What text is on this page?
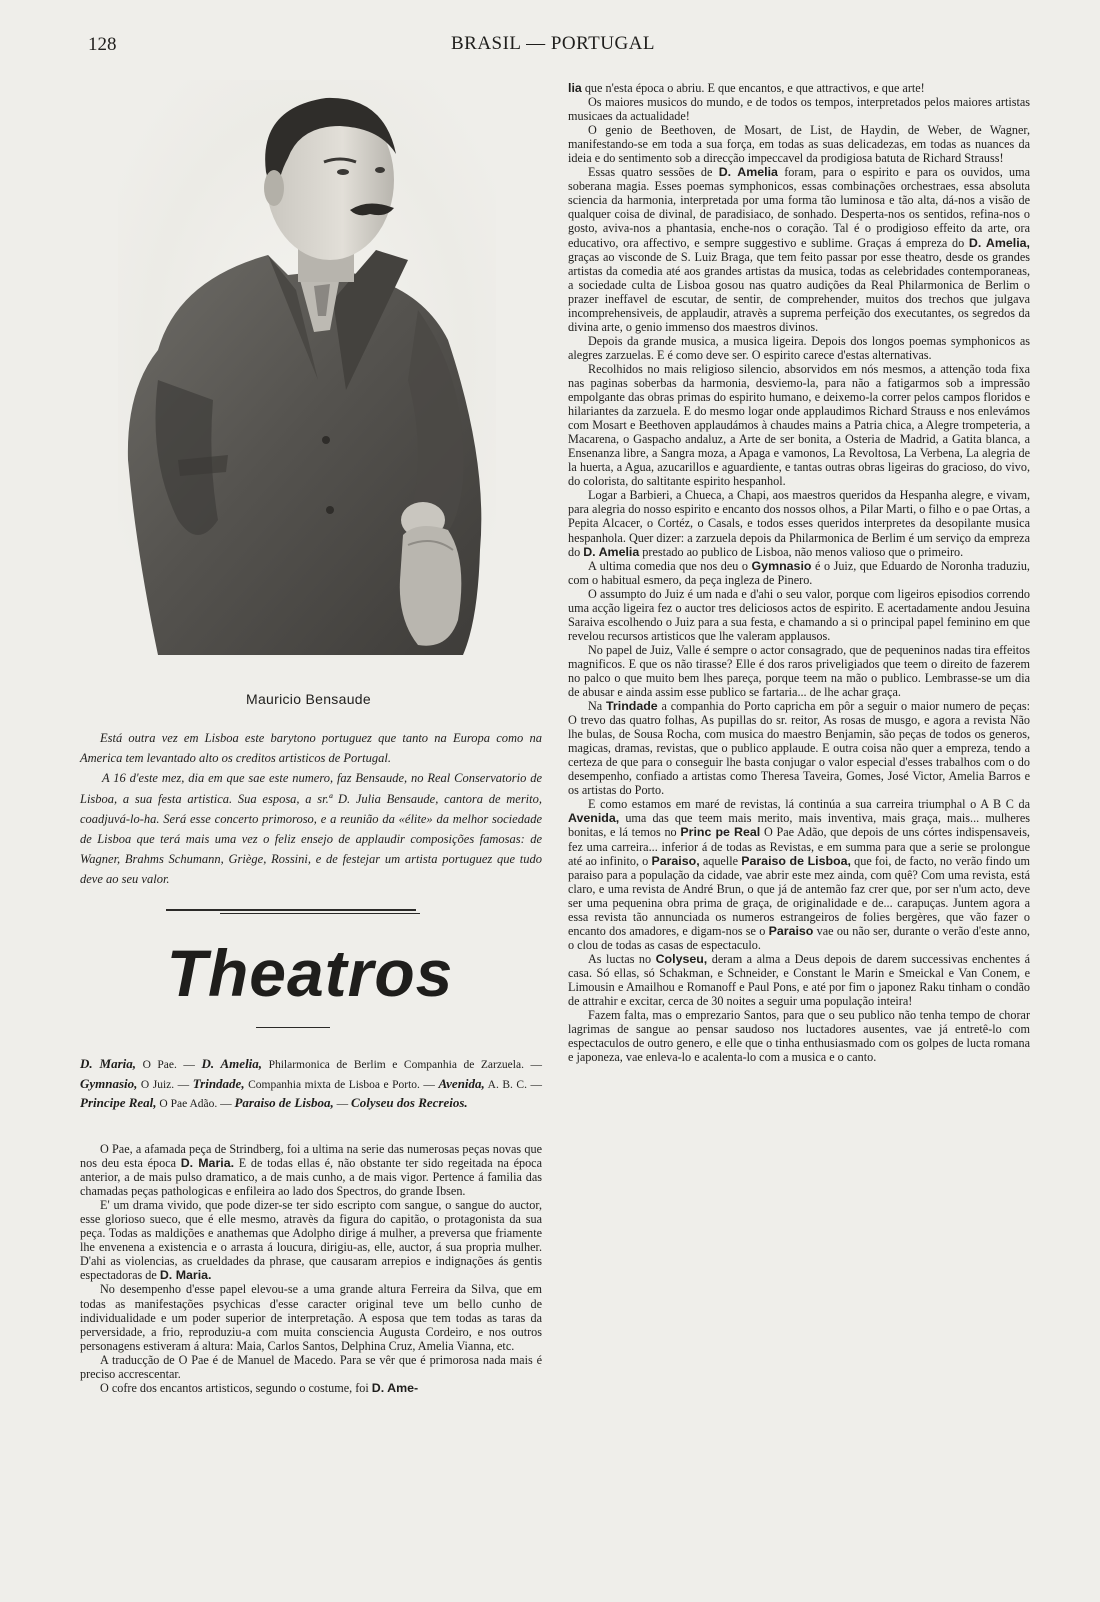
128	BRASIL — PORTUGAL
Mauricio Bensaude

Está outra vez em Lisboa este barytono portuguez que tanto na Europa como na America tem levantado alto os creditos artisticos de Portugal.

A 16 d'este mez, dia em que sae este numero, faz Bensaude, no Real Conservatorio de Lisboa, a sua festa artistica. Sua esposa, a sr.ª D. Julia Bensaude, cantora de merito, coadjuvá-lo-ha. Será esse concerto primoroso, e a reunião da «élite» da melhor sociedade de Lisboa que terá mais uma vez o feliz ensejo de applaudir composições famosas: de Wagner, Brahms Schumann, Griège, Rossini, e de festejar um artista portuguez que tudo deve ao seu valor.

Theatros

D. Maria, O Pae. — D. Amelia, Philarmonica de Berlim e Companhia de Zarzuela. — Gymnasio, O Juiz. — Trindade, Companhia mixta de Lisboa e Porto. — Avenida, A. B. C. — Principe Real, O Pae Adão. — Paraiso de Lisboa, — Colyseu dos Recreios.

O Pae, a afamada peça de Strindberg, foi a ultima na serie das numerosas peças novas que nos deu esta época D. Maria. E de todas ellas é, não obstante ter sido regeitada na época anterior, a de mais pulso dramatico, a de mais cunho, a de mais vigor. Pertence á familia das chamadas peças pathologicas e enfileira ao lado dos Spectros, do grande Ibsen.

E' um drama vivido, que pode dizer-se ter sido escripto com sangue, o sangue do auctor, esse glorioso sueco, que é elle mesmo, atravès da figura do capitão, o protagonista da sua peça. Todas as maldições e anathemas que Adolpho dirige á mulher, a preversa que friamente lhe envenena a existencia e o arrasta á loucura, dirigiu-as, elle, auctor, á sua propria mulher. D'ahi as violencias, as crueldades da phrase, que causaram arrepios e indignações ás gentis espectadoras de D. Maria.

No desempenho d'esse papel elevou-se a uma grande altura Ferreira da Silva, que em todas as manifestações psychicas d'esse caracter original teve um bello cunho de individualidade e um poder superior de interpretação. A esposa que tem todas as taras da perversidade, a frio, reproduziu-a com muita consciencia Augusta Cordeiro, e nos outros personagens estiveram á altura: Maia, Carlos Santos, Delphina Cruz, Amelia Vianna, etc.

A traducção de O Pae é de Manuel de Macedo. Para se vêr que é primorosa nada mais é preciso accrescentar.

O cofre dos encantos artisticos, segundo o costume, foi D. Ame-

lia que n'esta época o abriu. E que encantos, e que attractivos, e que arte!

Os maiores musicos do mundo, e de todos os tempos, interpretados pelos maiores artistas musicaes da actualidade!

O genio de Beethoven, de Mosart, de List, de Haydin, de Weber, de Wagner, manifestando-se em toda a sua força, em todas as suas delicadezas, em todas as nuances da ideia e do sentimento sob a direcção impeccavel da prodigiosa batuta de Richard Strauss!

Essas quatro sessões de D. Amelia foram, para o espirito e para os ouvidos, uma soberana magia. Esses poemas symphonicos, essas combinações orchestraes, essa absoluta sciencia da harmonia, interpretada por uma forma tão luminosa e tão alta, dá-nos a visão de qualquer coisa de divinal, de paradisiaco, de sonhado. Desperta-nos os sentidos, refina-nos o gosto, aviva-nos a phantasia, enche-nos o coração. Tal é o prodigioso effeito da arte, ora educativo, ora affectivo, e sempre suggestivo e sublime. Graças á empreza do D. Amelia, graças ao visconde de S. Luiz Braga, que tem feito passar por esse theatro, desde os grandes artistas da comedia até aos grandes artistas da musica, todas as celebridades contemporaneas, a sociedade culta de Lisboa gosou nas quatro audições da Real Philarmonica de Berlim o prazer ineffavel de escutar, de sentir, de comprehender, muitos dos trechos que julgava incomprehensiveis, de applaudir, atravès a suprema perfeição dos executantes, os segredos da divina arte, o genio immenso dos maestros divinos.

Depois da grande musica, a musica ligeira. Depois dos longos poemas symphonicos as alegres zarzuelas. E é como deve ser. O espirito carece d'estas alternativas.

Recolhidos no mais religioso silencio, absorvidos em nós mesmos, a attenção toda fixa nas paginas soberbas da harmonia, desviemo-la, para não a fatigarmos sob a impressão empolgante das obras primas do espirito humano, e deixemo-la correr pelos campos floridos e hilariantes da zarzuela. E do mesmo logar onde applaudimos Richard Strauss e nos enlevámos com Mosart e Beethoven applaudámos à chaudes mains a Patria chica, a Alegre trompeteria, a Macarena, o Gaspacho andaluz, a Arte de ser bonita, a Osteria de Madrid, a Gatita blanca, a Ensenanza libre, a Sangra moza, a Apaga e vamonos, La Revoltosa, La Verbena, La alegria de la huerta, a Agua, azucarillos e aguardiente, e tantas outras obras ligeiras do gracioso, do vivo, do colorista, do saltitante espirito hespanhol.

Logar a Barbieri, a Chueca, a Chapi, aos maestros queridos da Hespanha alegre, e vivam, para alegria do nosso espirito e encanto dos nossos olhos, a Pilar Marti, o filho e o pae Ortas, a Pepita Alcacer, o Cortéz, o Casals, e todos esses queridos interpretes da desopilante musica hespanhola. Quer dizer: a zarzuela depois da Philarmonica de Berlim é um serviço da empreza do D. Amelia prestado ao publico de Lisboa, não menos valioso que o primeiro.

A ultima comedia que nos deu o Gymnasio é o Juiz, que Eduardo de Noronha traduziu, com o habitual esmero, da peça ingleza de Pinero.

O assumpto do Juiz é um nada e d'ahi o seu valor, porque com ligeiros episodios correndo uma acção ligeira fez o auctor tres deliciosos actos de espirito. E acertadamente andou Jesuina Saraiva escolhendo o Juiz para a sua festa, e chamando a si o principal papel feminino em que revelou recursos artisticos que lhe valeram applausos.

No papel de Juiz, Valle é sempre o actor consagrado, que de pequeninos nadas tira effeitos magnificos. E que os não tirasse? Elle é dos raros priveligiados que teem o direito de fazerem no palco o que muito bem lhes pareça, porque teem na mão o publico. Lembrasse-se um dia de abusar e ainda assim esse publico se fartaria... de lhe achar graça.

Na Trindade a companhia do Porto capricha em pôr a seguir o maior numero de peças: O trevo das quatro folhas, As pupillas do sr. reitor, As rosas de musgo, e agora a revista Não lhe bulas, de Sousa Rocha, com musica do maestro Benjamin, são peças de todos os generos, magicas, dramas, revistas, que o publico applaude. E outra coisa não quer a empreza, tendo a certeza de que para o conseguir lhe basta conjugar o valor especial d'esses trabalhos com o do desempenho, confiado a artistas como Theresa Taveira, Gomes, José Victor, Amelia Barros e os artistas do Porto.

E como estamos em maré de revistas, lá continúa a sua carreira triumphal o A B C da Avenida, uma das que teem mais merito, mais inventiva, mais graça, mais... mulheres bonitas, e lá temos no Princ pe Real O Pae Adão, que depois de uns córtes indispensaveis, fez uma carreira... inferior á de todas as Revistas, e em summa para que a serie se prolongue até ao infinito, o Paraiso, aquelle Paraiso de Lisboa, que foi, de facto, no verão findo um paraiso para a população da cidade, vae abrir este mez ainda, com quê? Com uma revista, está claro, e uma revista de André Brun, o que já de antemão faz crer que, por ser n'um acto, deve ser uma pequenina obra prima de graça, de originalidade e de... carapuças. Juntem agora a essa revista tão annunciada os numeros estrangeiros de folies bergères, que vão fazer o encanto dos amadores, e digam-nos se o Paraiso vae ou não ser, durante o verão d'este anno, o clou de todas as casas de espectaculo.

As luctas no Colyseu, deram a alma a Deus depois de darem successivas enchentes á casa. Só ellas, só Schakman, e Schneider, e Constant le Marin e Smeickal e Van Conem, e Limousin e Amailhou e Romanoff e Paul Pons, e até por fim o japonez Raku tinham o condão de attrahir e excitar, cerca de 30 noites a seguir uma população inteira!

Fazem falta, mas o emprezario Santos, para que o seu publico não tenha tempo de chorar lagrimas de sangue ao pensar saudoso nos luctadores ausentes, vae já entretê-lo com espectaculos de outro genero, e elle que o tinha enthusiasmado com os golpes de lucta romana e japoneza, vae enleva-lo e acalenta-lo com a musica e o canto.
